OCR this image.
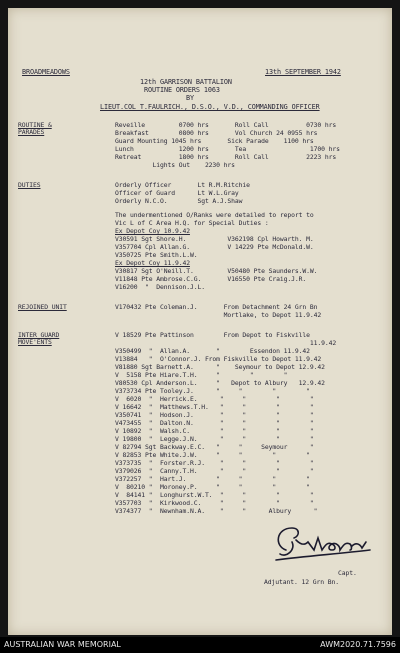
BROADMEADOWS	13th SEPTEMBER 1942
12th GARRISON BATTALION
ROUTINE ORDERS 1063
BY
LIEUT.COL T.FAULRICH., D.S.O., V.D., COMMANDING OFFICER
ROUTINE &
PARADES
Reveille         0700 hrs       Roll Call          0730 hrs
Breakfast        0800 hrs       Vol Church 24 0955 hrs
Guard Mounting 1045 hrs       Sick Parade    1100 hrs
Lunch            1200 hrs       Tea                 1700 hrs
Retreat          1800 hrs       Roll Call          2223 hrs
Lights Out    2230 hrs
DUTIES	Orderly Officer       Lt R.M.Ritchie
Officer of Guard      Lt W.L.Gray
Orderly N.C.O.        Sgt A.J.Shaw
The undermentioned O/Ranks were detailed to report to
Vic L of C Area H.Q. for Special Duties :
Ex Depot Coy 10.9.42
V30591 Sgt Shore.H.           V362198 Cpl Howarth. M.
V357704 Cpl Allan.G.          V 14229 Pte McDonald.W.
V350725 Pte Smith.L.W.
Ex Depot Coy 11.9.42
V30817 Sgt O'Neill.T.         V50480 Pte Saunders.W.W.
V11848 Pte Ambrose.C.G.       V16550 Pte Craig.J.R.
V16200  "  Dennison.J.L.
REJOINED UNIT	V170432 Pte Coleman.J.       From Detachment 24 Grn Bn
Mortlake, to Depot 11.9.42
INTER GUARD
MOVE'ENTS
Capt.
Adjutant. 12 Grn Bn.
V 18529 Pte Pattinson        From Depot to Fiskville
11.9.42
V350499  "  Allan.A.       "        Essendon 11.9.42
V13884   "  O'Connor.J. From Fiskville to Depot 11.9.42
V81880 Sgt Barnett.A.      "    Seymour to Depot 12.9.42
V  5158 Pte Hiare.T.H.     "        "        "
V80530 Cpl Anderson.L.     "   Depot to Albury   12.9.42
V373734 Pte Tooley.J.      "     "        "        "
V  6020  "  Herrick.E.      "     "        "        "
V 16642  "  Matthews.T.H.   "     "        "        "
V350741  "  Hodson.J.       "     "        "        "
V473455  "  Dalton.N.       "     "        "        "
V 10892  "  Walsh.C.        "     "        "        "
V 19800  "  Legge.J.N.      "     "        "        "
V 82794 Sgt Backway.E.C.   "     "     Seymour      "
V 82853 Pte White.J.W.     "     "        "        "
V373735  "  Forster.R.J.    "     "        "        "
V379026  "  Canny.T.H.      "     "        "        "
V372257  "  Hart.J.        "     "        "        "
V  80210 "  Moroney.P.     "     "        "        "
V  84141 "  Longhurst.W.T.  "     "        "        "
V357703  "  Kirkwood.C.     "     "        "        "
V374377  "  Newnham.N.A.    "     "      Albury      "
AUSTRALIAN WAR MEMORIAL	AWM2020.71.7596
